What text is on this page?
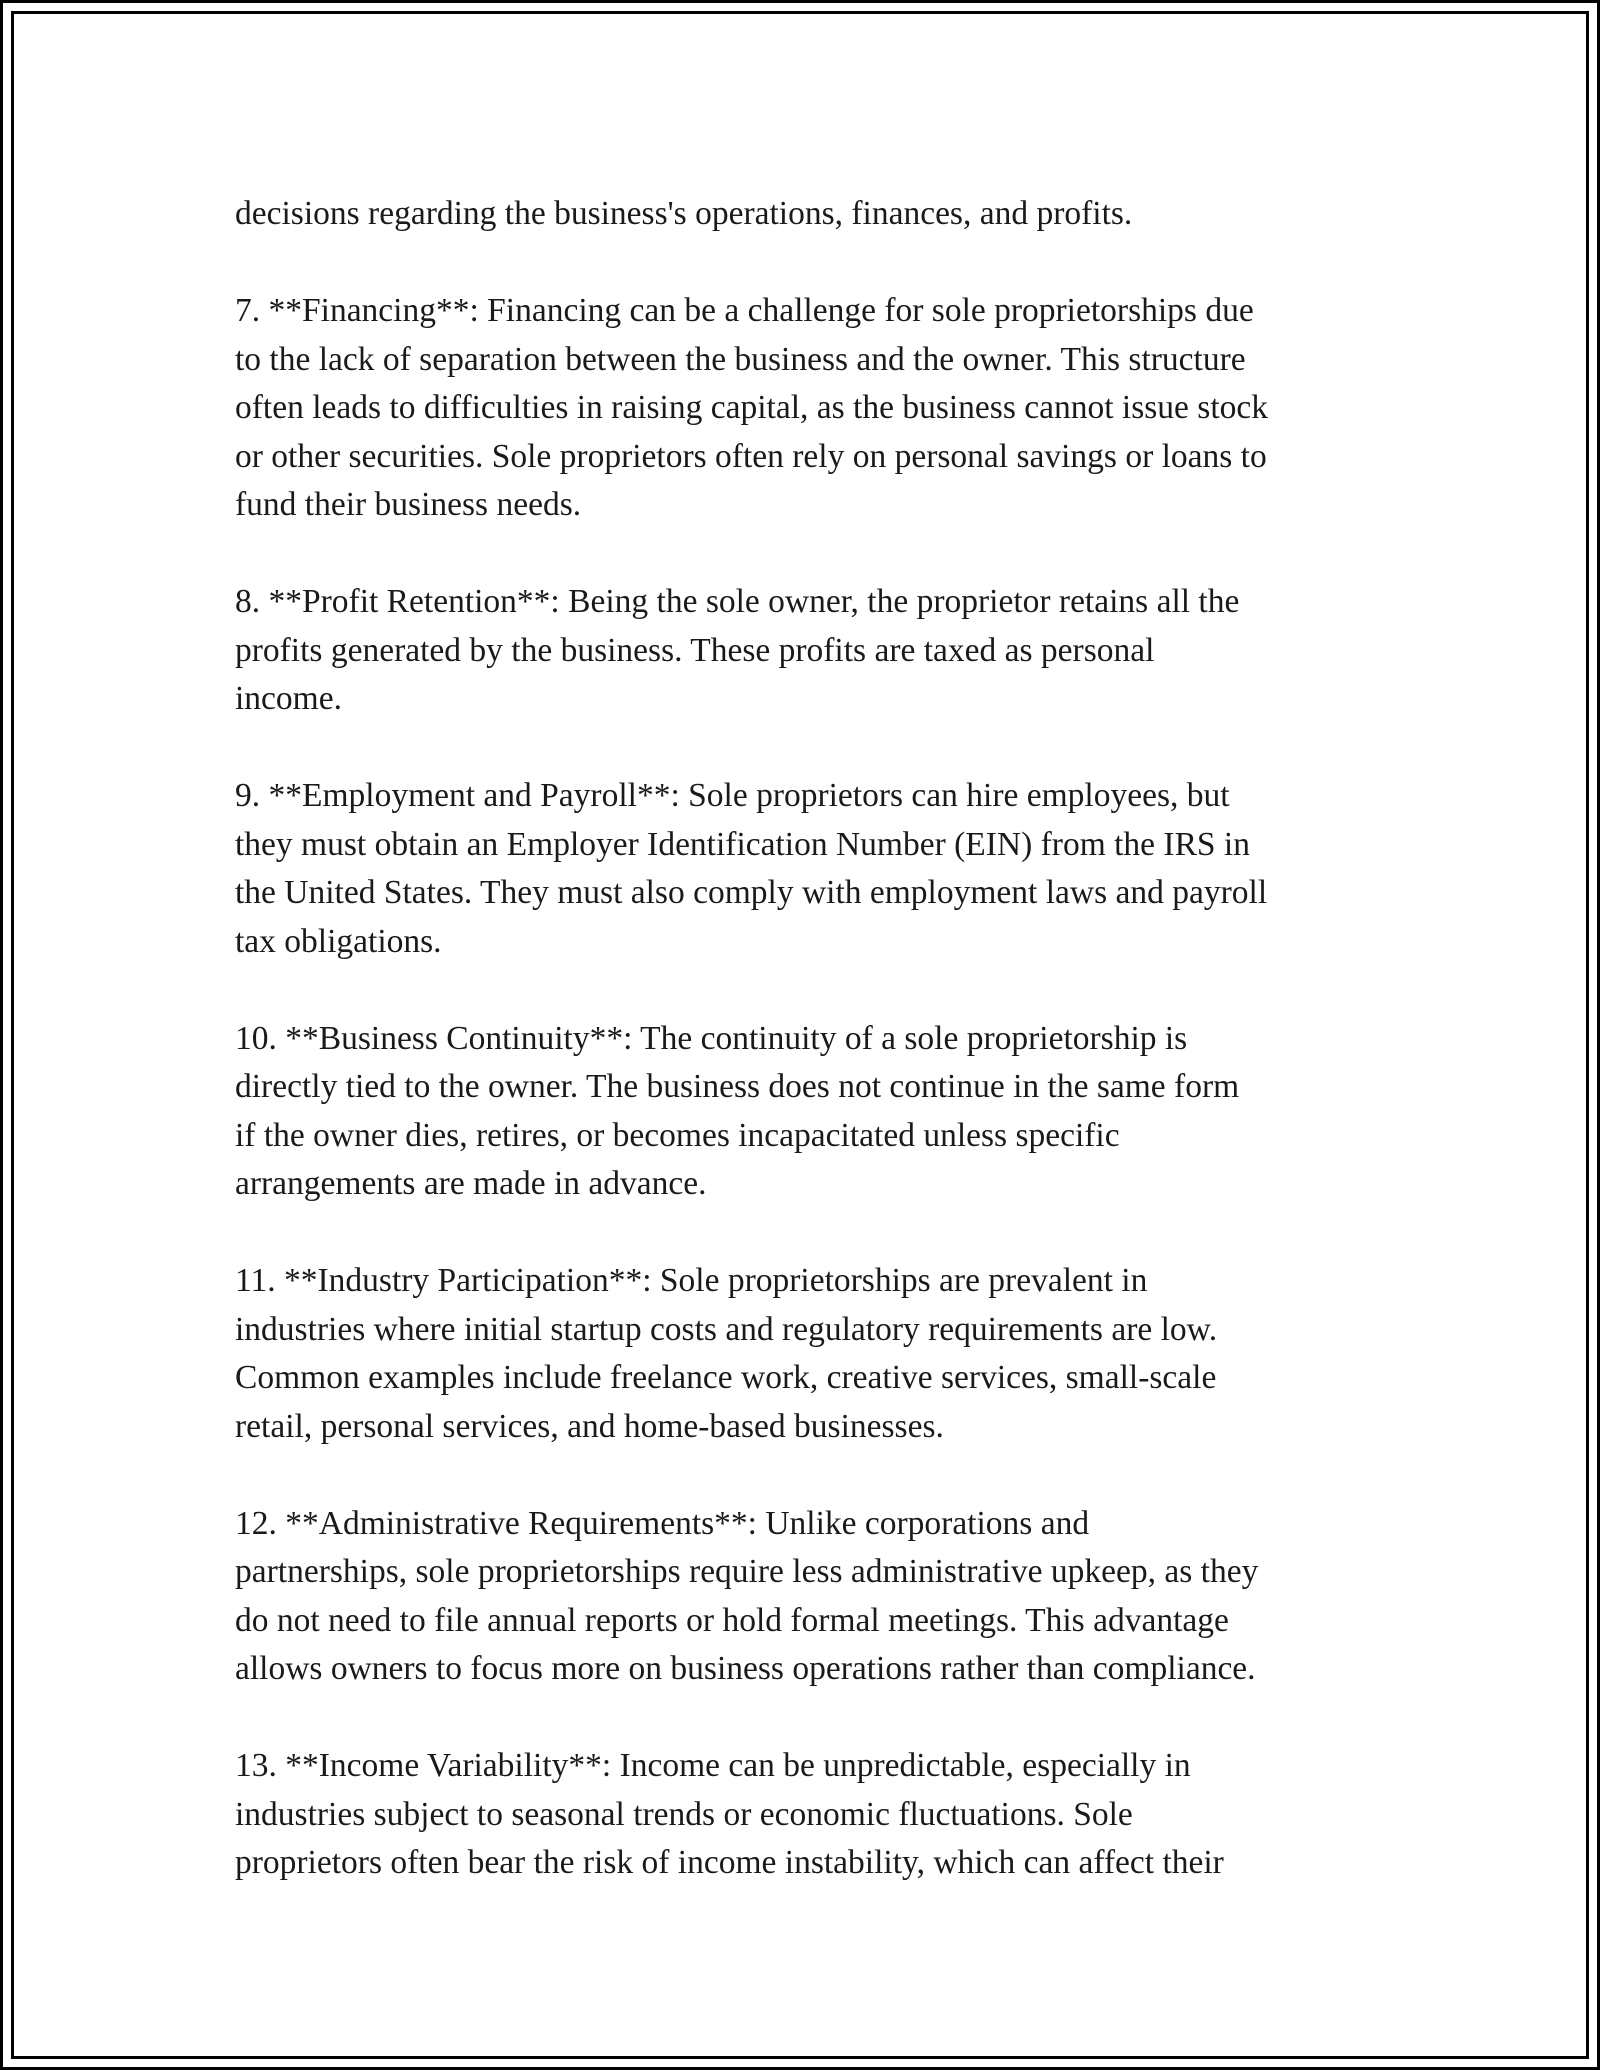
decisions regarding the business's operations, finances, and profits.

7. **Financing**: Financing can be a challenge for sole proprietorships due
to the lack of separation between the business and the owner. This structure
often leads to difficulties in raising capital, as the business cannot issue stock
or other securities. Sole proprietors often rely on personal savings or loans to
fund their business needs.

8. **Profit Retention**: Being the sole owner, the proprietor retains all the
profits generated by the business. These profits are taxed as personal
income.

9. **Employment and Payroll**: Sole proprietors can hire employees, but
they must obtain an Employer Identification Number (EIN) from the IRS in
the United States. They must also comply with employment laws and payroll
tax obligations.

10. **Business Continuity**: The continuity of a sole proprietorship is
directly tied to the owner. The business does not continue in the same form
if the owner dies, retires, or becomes incapacitated unless specific
arrangements are made in advance.

11. **Industry Participation**: Sole proprietorships are prevalent in
industries where initial startup costs and regulatory requirements are low.
Common examples include freelance work, creative services, small-scale
retail, personal services, and home-based businesses.

12. **Administrative Requirements**: Unlike corporations and
partnerships, sole proprietorships require less administrative upkeep, as they
do not need to file annual reports or hold formal meetings. This advantage
allows owners to focus more on business operations rather than compliance.

13. **Income Variability**: Income can be unpredictable, especially in
industries subject to seasonal trends or economic fluctuations. Sole
proprietors often bear the risk of income instability, which can affect their
